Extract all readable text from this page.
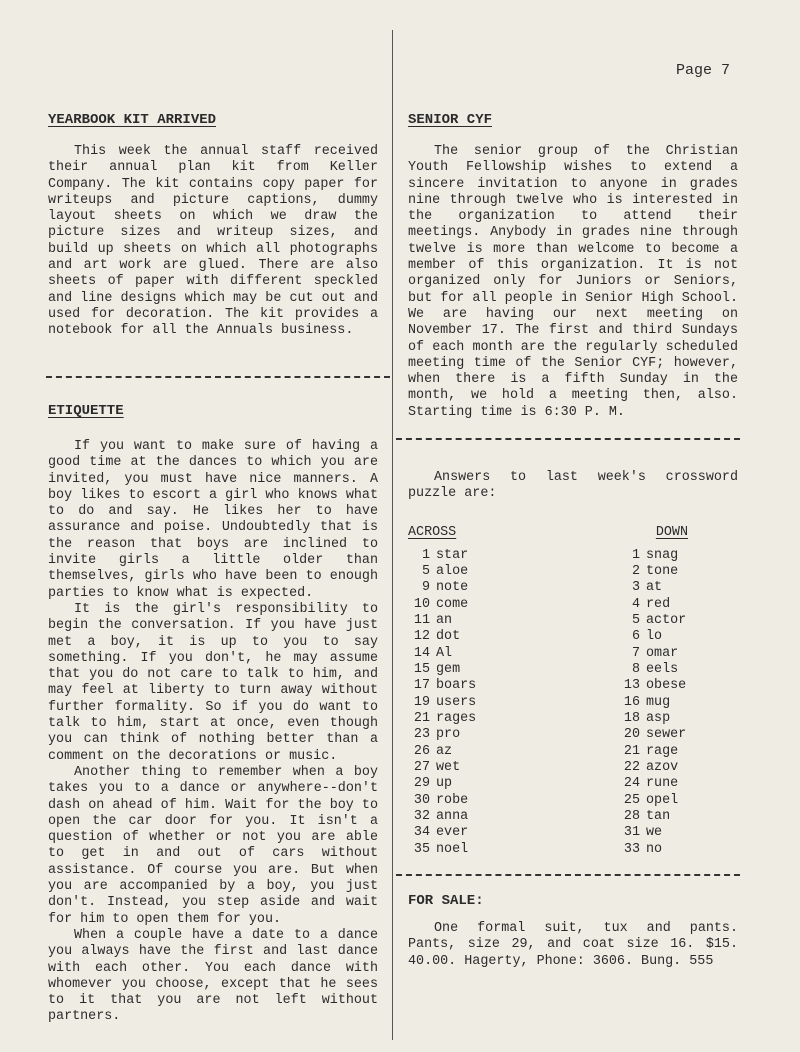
Page 7
YEARBOOK KIT ARRIVED

This week the annual staff received their annual plan kit from Keller Company. The kit contains copy paper for writeups and picture captions, dummy layout sheets on which we draw the picture sizes and writeup sizes, and build up sheets on which all photographs and art work are glued. There are also sheets of paper with different speckled and line designs which may be cut out and used for decoration. The kit provides a notebook for all the Annuals business.

ETIQUETTE

If you want to make sure of having a good time at the dances to which you are invited, you must have nice manners. A boy likes to escort a girl who knows what to do and say. He likes her to have assurance and poise. Undoubtedly that is the reason that boys are inclined to invite girls a little older than themselves, girls who have been to enough parties to know what is expected.

It is the girl's responsibility to begin the conversation. If you have just met a boy, it is up to you to say something. If you don't, he may assume that you do not care to talk to him, and may feel at liberty to turn away without further formality. So if you do want to talk to him, start at once, even though you can think of nothing better than a comment on the decorations or music.

Another thing to remember when a boy takes you to a dance or anywhere--don't dash on ahead of him. Wait for the boy to open the car door for you. It isn't a question of whether or not you are able to get in and out of cars without assistance. Of course you are. But when you are accompanied by a boy, you just don't. Instead, you step aside and wait for him to open them for you.

When a couple have a date to a dance you always have the first and last dance with each other. You each dance with whomever you choose, except that he sees to it that you are not left without partners.

SENIOR CYF

The senior group of the Christian Youth Fellowship wishes to extend a sincere invitation to anyone in grades nine through twelve who is interested in the organization to attend their meetings. Anybody in grades nine through twelve is more than welcome to become a member of this organization. It is not organized only for Juniors or Seniors, but for all people in Senior High School. We are having our next meeting on November 17. The first and third Sundays of each month are the regularly scheduled meeting time of the Senior CYF; however, when there is a fifth Sunday in the month, we hold a meeting then, also. Starting time is 6:30 P. M.

Answers to last week's crossword puzzle are:

ACROSS	DOWN
1 star
5 aloe
9 note
10 come
11 an
12 dot
14 Al
15 gem
17 boars
19 users
21 rages
23 pro
26 az
27 wet
29 up
30 robe
32 anna
34 ever
35 noel
1 snag
2 tone
3 at
4 red
5 actor
6 lo
7 omar
8 eels
13 obese
16 mug
18 asp
20 sewer
21 rage
22 azov
24 rune
25 opel
28 tan
31 we
33 no
FOR SALE:

One formal suit, tux and pants. Pants, size 29, and coat size 16. $15. 40.00. Hagerty, Phone: 3606. Bung. 555
